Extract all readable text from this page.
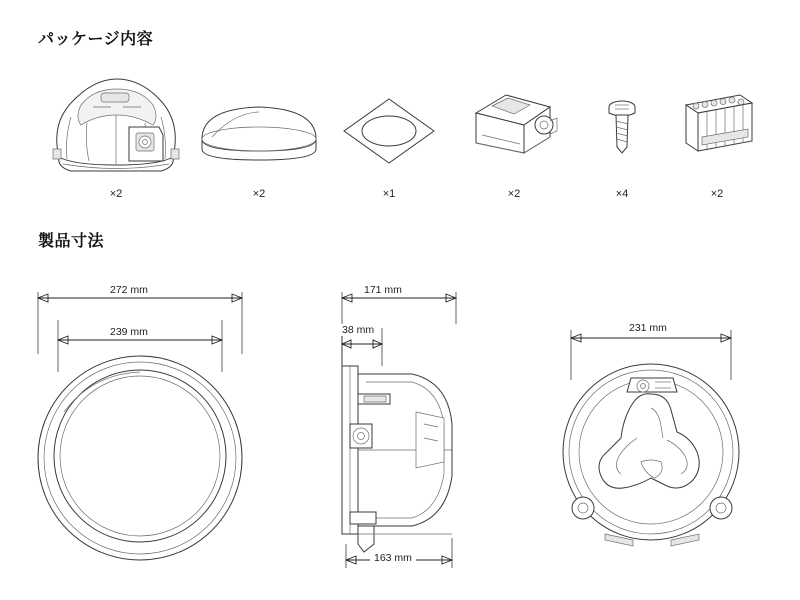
パッケージ内容
×2	×2	×1	×2	×4	×2
製品寸法
272 mm
239 mm
171 mm
38 mm
163 mm
231 mm
